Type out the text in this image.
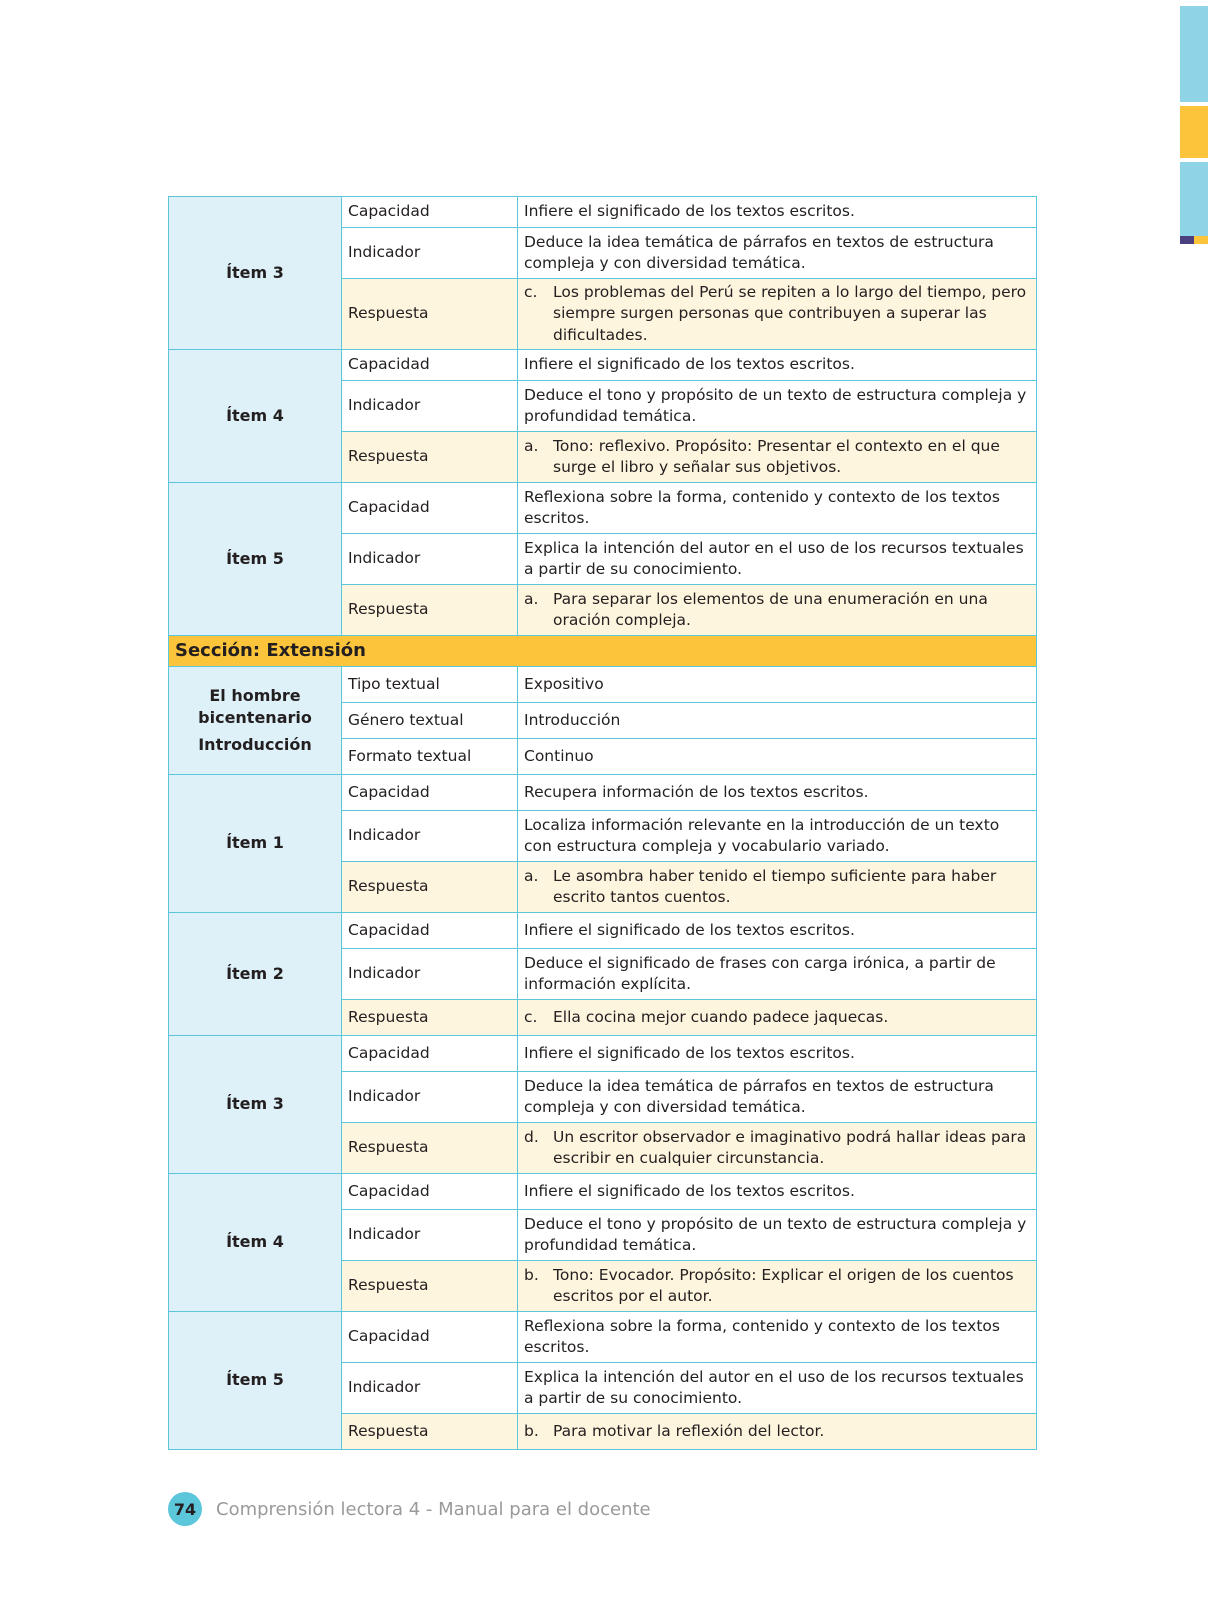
Ítem 3	Capacidad	Infiere el significado de los textos escritos.
	Indicador	Deduce la idea temática de párrafos en textos de estructura compleja y con diversidad temática.
	Respuesta	c. Los problemas del Perú se repiten a lo largo del tiempo, pero siempre surgen personas que contribuyen a superar las dificultades.

Ítem 4	Capacidad	Infiere el significado de los textos escritos.
	Indicador	Deduce el tono y propósito de un texto de estructura compleja y profundidad temática.
	Respuesta	a. Tono: reflexivo. Propósito: Presentar el contexto en el que surge el libro y señalar sus objetivos.

Ítem 5	Capacidad	Reflexiona sobre la forma, contenido y contexto de los textos escritos.
	Indicador	Explica la intención del autor en el uso de los recursos textuales a partir de su conocimiento.
	Respuesta	a. Para separar los elementos de una enumeración en una oración compleja.

Sección: Extensión		

El hombre bicentenario
Introducción	Tipo textual	Expositivo
	Género textual	Introducción
	Formato textual	Continuo
Ítem 1	Capacidad	Recupera información de los textos escritos.
	Indicador	Localiza información relevante en la introducción de un texto con estructura compleja y vocabulario variado.
	Respuesta	a. Le asombra haber tenido el tiempo suficiente para haber escrito tantos cuentos.

Ítem 2	Capacidad	Infiere el significado de los textos escritos.
	Indicador	Deduce el significado de frases con carga irónica, a partir de información explícita.
	Respuesta	c. Ella cocina mejor cuando padece jaquecas.

Ítem 3	Capacidad	Infiere el significado de los textos escritos.
	Indicador	Deduce la idea temática de párrafos en textos de estructura compleja y con diversidad temática.
	Respuesta	d. Un escritor observador e imaginativo podrá hallar ideas para escribir en cualquier circunstancia.

Ítem 4	Capacidad	Infiere el significado de los textos escritos.
	Indicador	Deduce el tono y propósito de un texto de estructura compleja y profundidad temática.
	Respuesta	b. Tono: Evocador. Propósito: Explicar el origen de los cuentos escritos por el autor.

Ítem 5	Capacidad	Reflexiona sobre la forma, contenido y contexto de los textos escritos.
	Indicador	Explica la intención del autor en el uso de los recursos textuales a partir de su conocimiento.
	Respuesta	b. Para motivar la reflexión del lector.
74	Comprensión lectora 4 - Manual para el docente
